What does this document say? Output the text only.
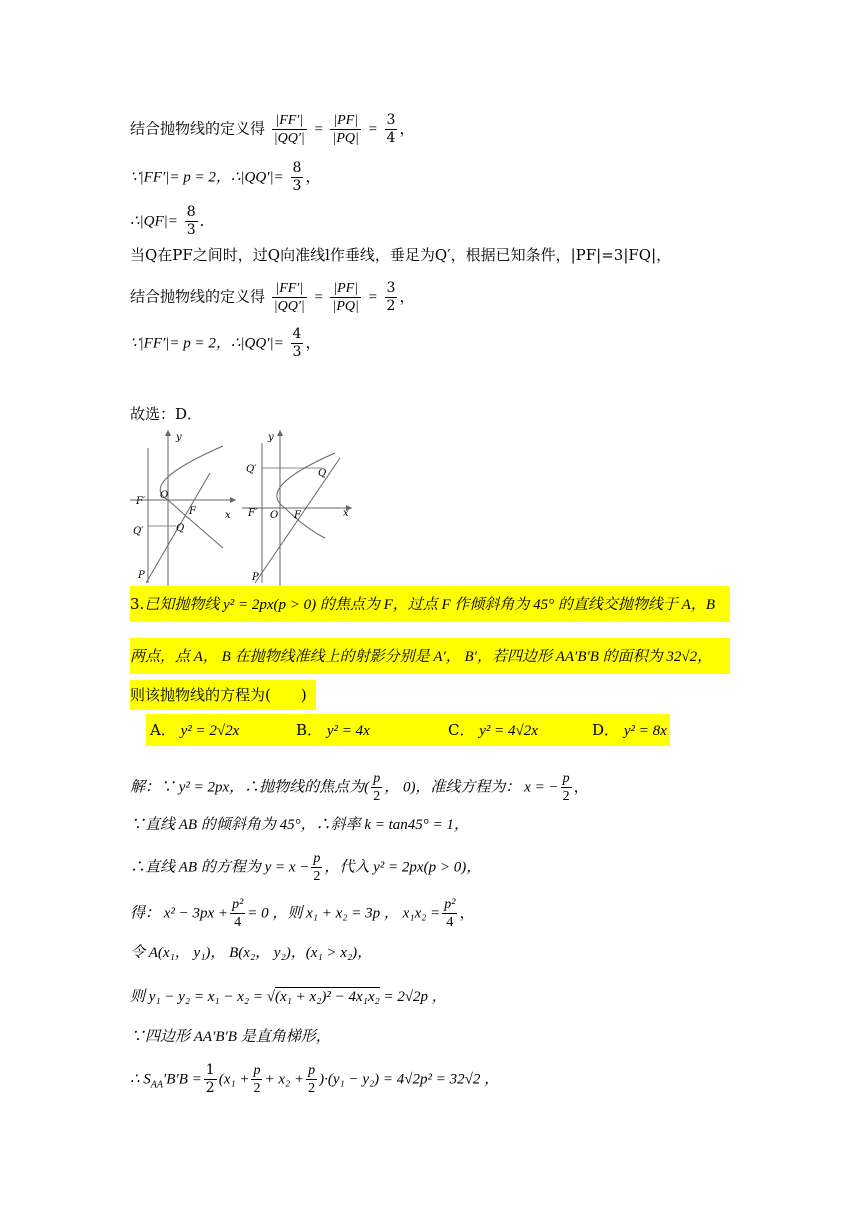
结合抛物线的定义得 $\frac{|FF'|}{|QQ'|} = \frac{|PF|}{|PQ|} = \frac{3}{4}$ ，
∵|FF′|= p = 2，∴|QQ′|= $\frac{8}{3}$ ，
∴|QF|= $\frac{8}{3}$ ．
当Q在PF之间时，过Q向准线l作垂线，垂足为Q′，根据已知条件，|PF|=3|FQ|，
结合抛物线的定义得 $\frac{|FF'|}{|QQ'|} = \frac{|PF|}{|PQ|} = \frac{3}{2}$ ，
∵|FF′|= p = 2，∴|QQ′|= $\frac{4}{3}$ ，
故选：D．
y
x
O
F
F′
Q
Q′
P
y
x
O F
F′
Q
Q′
P
3.已知抛物线 y² = 2px(p > 0) 的焦点为 F，过点 F 作倾斜角为 45° 的直线交抛物线于 A，B
两点，点 A， B 在抛物线准线上的射影分别是 A′， B′，若四边形 AA′B′B 的面积为 32√2，
则该抛物线的方程为(　　)
A． y² = 2√2x	B． y² = 4x	C． y² = 4√2x	D． y² = 8x
解：∵ y² = 2px，∴抛物线的焦点为( $\frac{p}{2}$ ， 0)，准线方程为： x = − $\frac{p}{2}$ ，
∵直线 AB 的倾斜角为 45°，∴斜率 k = tan45° = 1，
∴直线 AB 的方程为 $y = x - \frac{p}{2}$ ，代入 y² = 2px(p > 0)，
得： $x^2 - 3px + \frac{\text{p²}}{4} = 0$ ，则 x₁ + x₂ = 3p ， $x_1x_2 = \frac{\text{p²}}{4}$ ，
令 A(x₁， y₁)， B(x₂， y₂)，(x₁ > x₂)，
则 y₁ − y₂ = x₁ − x₂ = √(x₁ + x₂)² − 4x₁x₂ = 2√2p ，
∵四边形 AA′B′B 是直角梯形，
∴ $S_{AA}'B'B = \frac{1}{2} (x_1 + \frac{p}{2} + x_2 + \frac{p}{2} )\cdot(y_1 - y_2) = 4√2p^2 = 32√2$ ，
